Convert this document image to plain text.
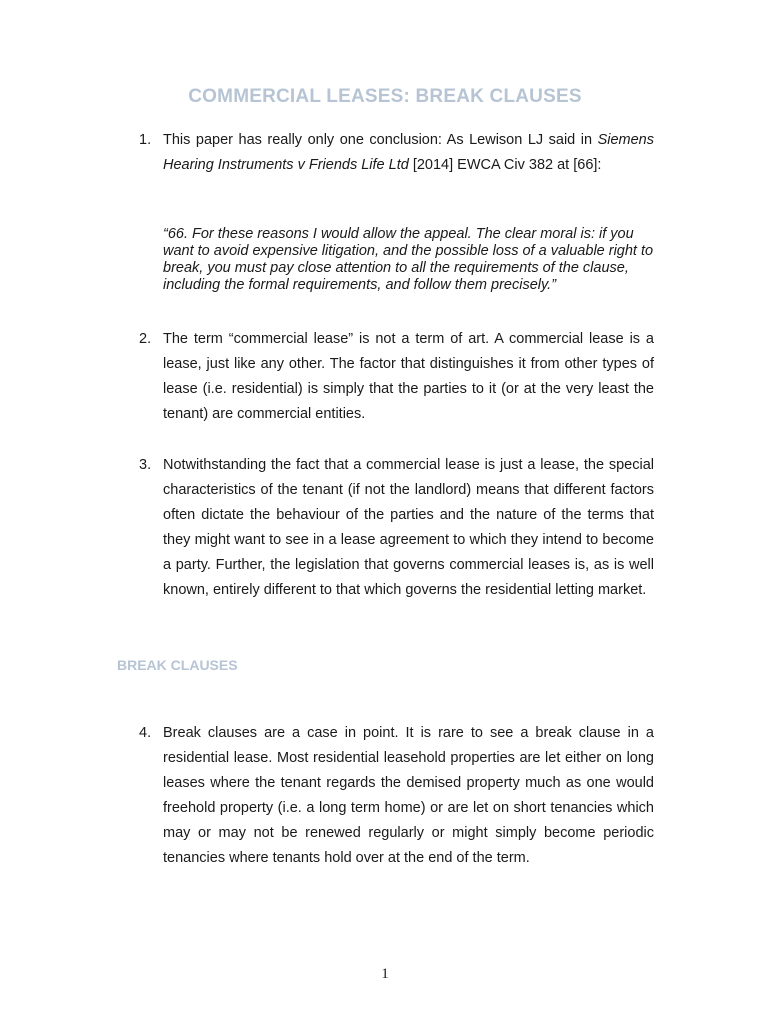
COMMERCIAL LEASES: BREAK CLAUSES
1. This paper has really only one conclusion: As Lewison LJ said in Siemens Hearing Instruments v Friends Life Ltd [2014] EWCA Civ 382 at [66]:

“66. For these reasons I would allow the appeal. The clear moral is: if you want to avoid expensive litigation, and the possible loss of a valuable right to break, you must pay close attention to all the requirements of the clause, including the formal requirements, and follow them precisely.”

2. The term “commercial lease” is not a term of art. A commercial lease is a lease, just like any other. The factor that distinguishes it from other types of lease (i.e. residential) is simply that the parties to it (or at the very least the tenant) are commercial entities.

3. Notwithstanding the fact that a commercial lease is just a lease, the special characteristics of the tenant (if not the landlord) means that different factors often dictate the behaviour of the parties and the nature of the terms that they might want to see in a lease agreement to which they intend to become a party. Further, the legislation that governs commercial leases is, as is well known, entirely different to that which governs the residential letting market.

BREAK CLAUSES
4. Break clauses are a case in point. It is rare to see a break clause in a residential lease. Most residential leasehold properties are let either on long leases where the tenant regards the demised property much as one would freehold property (i.e. a long term home) or are let on short tenancies which may or may not be renewed regularly or might simply become periodic tenancies where tenants hold over at the end of the term.

1
